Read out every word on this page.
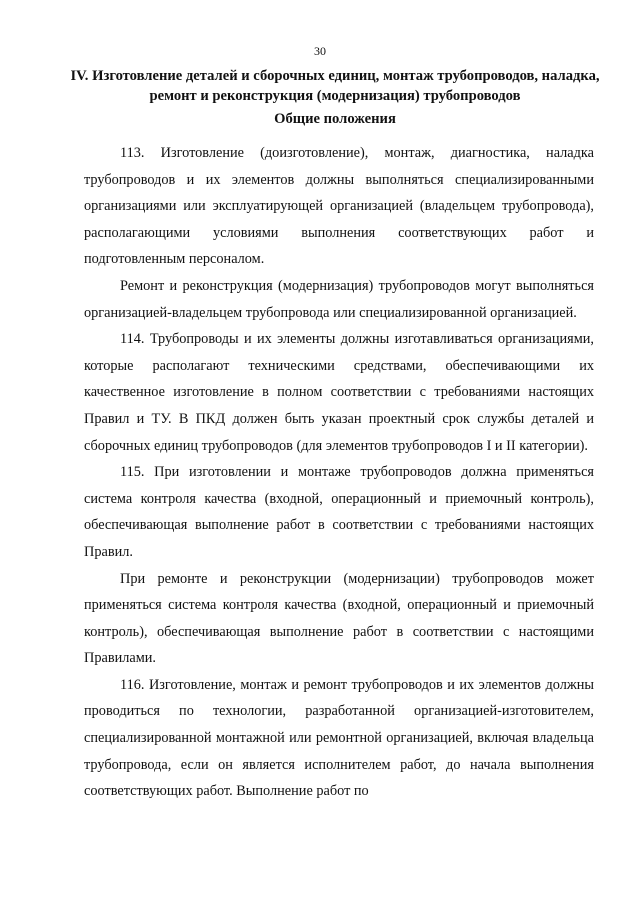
30
IV. Изготовление деталей и сборочных единиц, монтаж трубопроводов, наладка, ремонт и реконструкция (модернизация) трубопроводов
Общие положения

113. Изготовление (доизготовление), монтаж, диагностика, наладка трубопроводов и их элементов должны выполняться специализированными организациями или эксплуатирующей организацией (владельцем трубопровода), располагающими условиями выполнения соответствующих работ и подготовленным персоналом.

Ремонт и реконструкция (модернизация) трубопроводов могут выполняться организацией-владельцем трубопровода или специализированной организацией.

114. Трубопроводы и их элементы должны изготавливаться организациями, которые располагают техническими средствами, обеспечивающими их качественное изготовление в полном соответствии с требованиями настоящих Правил и ТУ. В ПКД должен быть указан проектный срок службы деталей и сборочных единиц трубопроводов (для элементов трубопроводов I и II категории).

115. При изготовлении и монтаже трубопроводов должна применяться система контроля качества (входной, операционный и приемочный контроль), обеспечивающая выполнение работ в соответствии с требованиями настоящих Правил.

При ремонте и реконструкции (модернизации) трубопроводов может применяться система контроля качества (входной, операционный и приемочный контроль), обеспечивающая выполнение работ в соответствии с настоящими Правилами.

116. Изготовление, монтаж и ремонт трубопроводов и их элементов должны проводиться по технологии, разработанной организацией-изготовителем, специализированной монтажной или ремонтной организацией, включая владельца трубопровода, если он является исполнителем работ, до начала выполнения соответствующих работ. Выполнение работ по
